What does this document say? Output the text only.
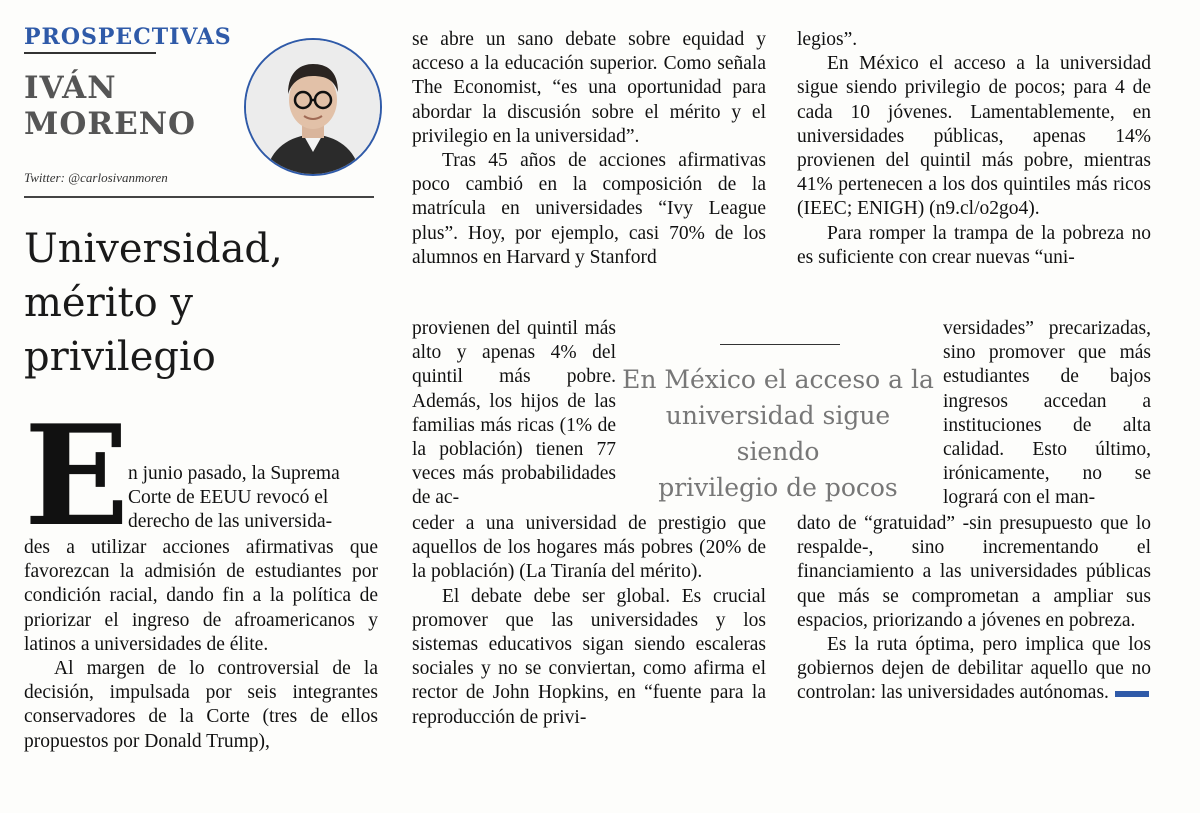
PROSPECTIVAS
IVÁN
MORENO
Twitter: @carlosivanmoren
Universidad,
mérito y
privilegio
E

n junio pasado, la Suprema

Corte de EEUU revocó el

derecho de las universida-

des a utilizar acciones afirmativas que favorezcan la admisión de estudiantes por condición racial, dando fin a la política de priorizar el ingreso de afroamericanos y latinos a universidades de élite.

Al margen de lo controversial de la decisión, impulsada por seis integrantes conservadores de la Corte (tres de ellos propuestos por Donald Trump),

se abre un sano debate sobre equidad y acceso a la educación superior. Como señala The Economist, “es una oportunidad para abordar la discusión sobre el mérito y el privilegio en la universidad”.

Tras 45 años de acciones afirmativas poco cambió en la composición de la matrícula en universidades “Ivy League plus”. Hoy, por ejemplo, casi 70% de los alumnos en Harvard y Stanford

provienen del quintil más alto y apenas 4% del quintil más pobre. Además, los hijos de las familias más ricas (1% de la población) tienen 77 veces más probabilidades de ac-

ceder a una universidad de prestigio que aquellos de los hogares más pobres (20% de la población) (La Tiranía del mérito).

El debate debe ser global. Es crucial promover que las universidades y los sistemas educativos sigan siendo escaleras sociales y no se conviertan, como afirma el rector de John Hopkins, en “fuente para la reproducción de privi-

En México el acceso a la
universidad sigue siendo
privilegio de pocos

legios”.

En México el acceso a la universidad sigue siendo privilegio de pocos; para 4 de cada 10 jóvenes. Lamentablemente, en universidades públicas, apenas 14% provienen del quintil más pobre, mientras 41% pertenecen a los dos quintiles más ricos (IEEC; ENIGH) (n9.cl/o2go4).

Para romper la trampa de la pobreza no es suficiente con crear nuevas “uni-

versidades” precarizadas, sino promover que más estudiantes de bajos ingresos accedan a instituciones de alta calidad. Esto último, irónicamente, no se logrará con el man-

dato de “gratuidad” -sin presupuesto que lo respalde-, sino incrementando el financiamiento a las universidades públicas que más se comprometan a ampliar sus espacios, priorizando a jóvenes en pobreza.

Es la ruta óptima, pero implica que los gobiernos dejen de debilitar aquello que no controlan: las universidades autónomas.
